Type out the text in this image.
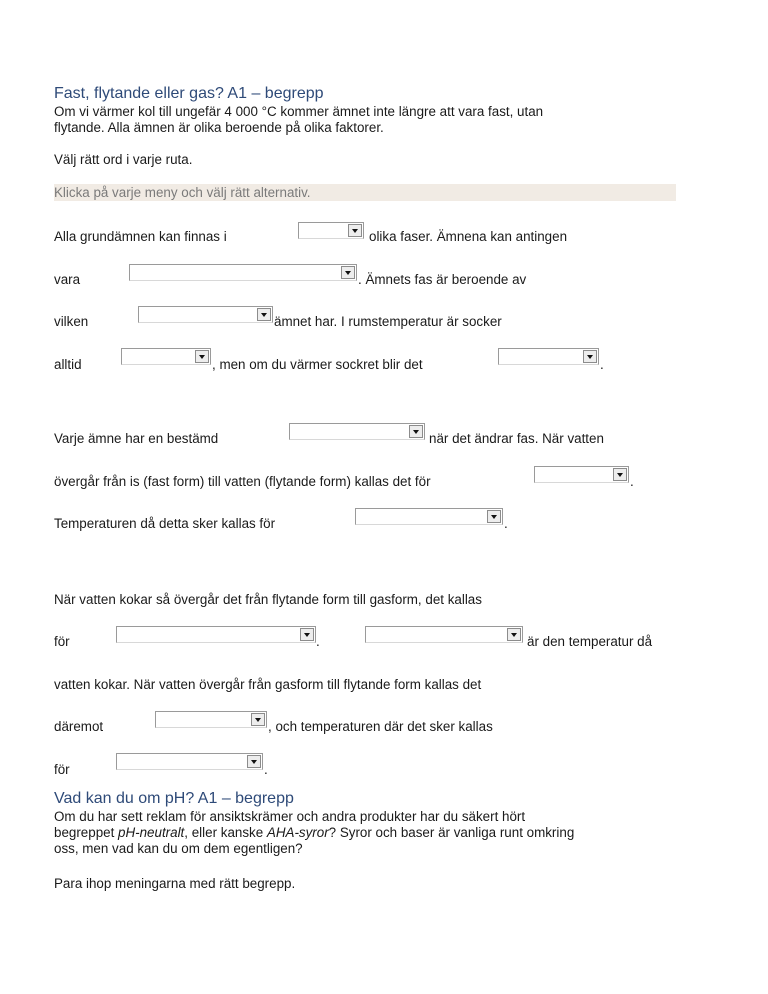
Fast, flytande eller gas? A1 – begrepp
Om vi värmer kol till ungefär 4 000 °C kommer ämnet inte längre att vara fast, utan
flytande. Alla ämnen är olika beroende på olika faktorer.
Välj rätt ord i varje ruta.
Klicka på varje meny och välj rätt alternativ.
Alla grundämnen kan finnas i	olika faser. Ämnena kan antingen
vara	. Ämnets fas är beroende av
vilken	ämnet har. I rumstemperatur är socker
alltid	, men om du värmer sockret blir det	.
Varje ämne har en bestämd	när det ändrar fas. När vatten
övergår från is (fast form) till vatten (flytande form) kallas det för	.
Temperaturen då detta sker kallas för	.
När vatten kokar så övergår det från flytande form till gasform, det kallas
för	.	är den temperatur då
vatten kokar. När vatten övergår från gasform till flytande form kallas det
däremot	, och temperaturen där det sker kallas
för	.
Vad kan du om pH? A1 – begrepp
Om du har sett reklam för ansiktskrämer och andra produkter har du säkert hört
begreppet pH-neutralt, eller kanske AHA-syror? Syror och baser är vanliga runt omkring
oss, men vad kan du om dem egentligen?
Para ihop meningarna med rätt begrepp.
